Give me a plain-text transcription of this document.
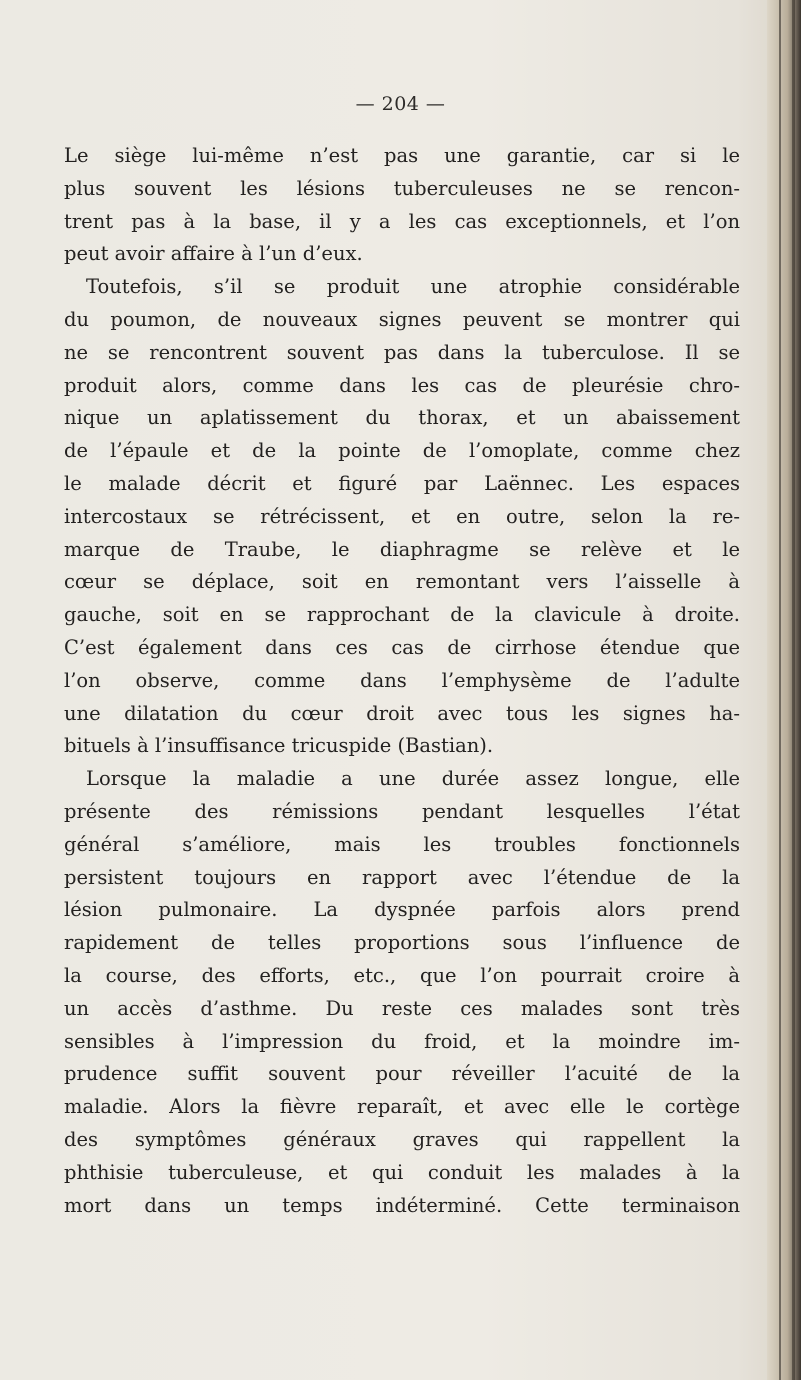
— 204 —
Le siège lui-même n’est pas une garantie, car si le
plus souvent les lésions tuberculeuses ne se rencon-
trent pas à la base, il y a les cas exceptionnels, et l’on
peut avoir affaire à l’un d’eux.
Toutefois, s’il se produit une atrophie considérable
du poumon, de nouveaux signes peuvent se montrer qui
ne se rencontrent souvent pas dans la tuberculose. Il se
produit alors, comme dans les cas de pleurésie chro-
nique un aplatissement du thorax, et un abaissement
de l’épaule et de la pointe de l’omoplate, comme chez
le malade décrit et figuré par Laënnec. Les espaces
intercostaux se rétrécissent, et en outre, selon la re-
marque de Traube, le diaphragme se relève et le
cœur se déplace, soit en remontant vers l’aisselle à
gauche, soit en se rapprochant de la clavicule à droite.
C’est également dans ces cas de cirrhose étendue que
l’on observe, comme dans l’emphysème de l’adulte
une dilatation du cœur droit avec tous les signes ha-
bituels à l’insuffisance tricuspide (Bastian).
Lorsque la maladie a une durée assez longue, elle
présente des rémissions pendant lesquelles l’état
général s’améliore, mais les troubles fonctionnels
persistent toujours en rapport avec l’étendue de la
lésion pulmonaire. La dyspnée parfois alors prend
rapidement de telles proportions sous l’influence de
la course, des efforts, etc., que l’on pourrait croire à
un accès d’asthme. Du reste ces malades sont très
sensibles à l’impression du froid, et la moindre im-
prudence suffit souvent pour réveiller l’acuité de la
maladie. Alors la fièvre reparaît, et avec elle le cortège
des symptômes généraux graves qui rappellent la
phthisie tuberculeuse, et qui conduit les malades à la
mort dans un temps indéterminé. Cette terminaison
